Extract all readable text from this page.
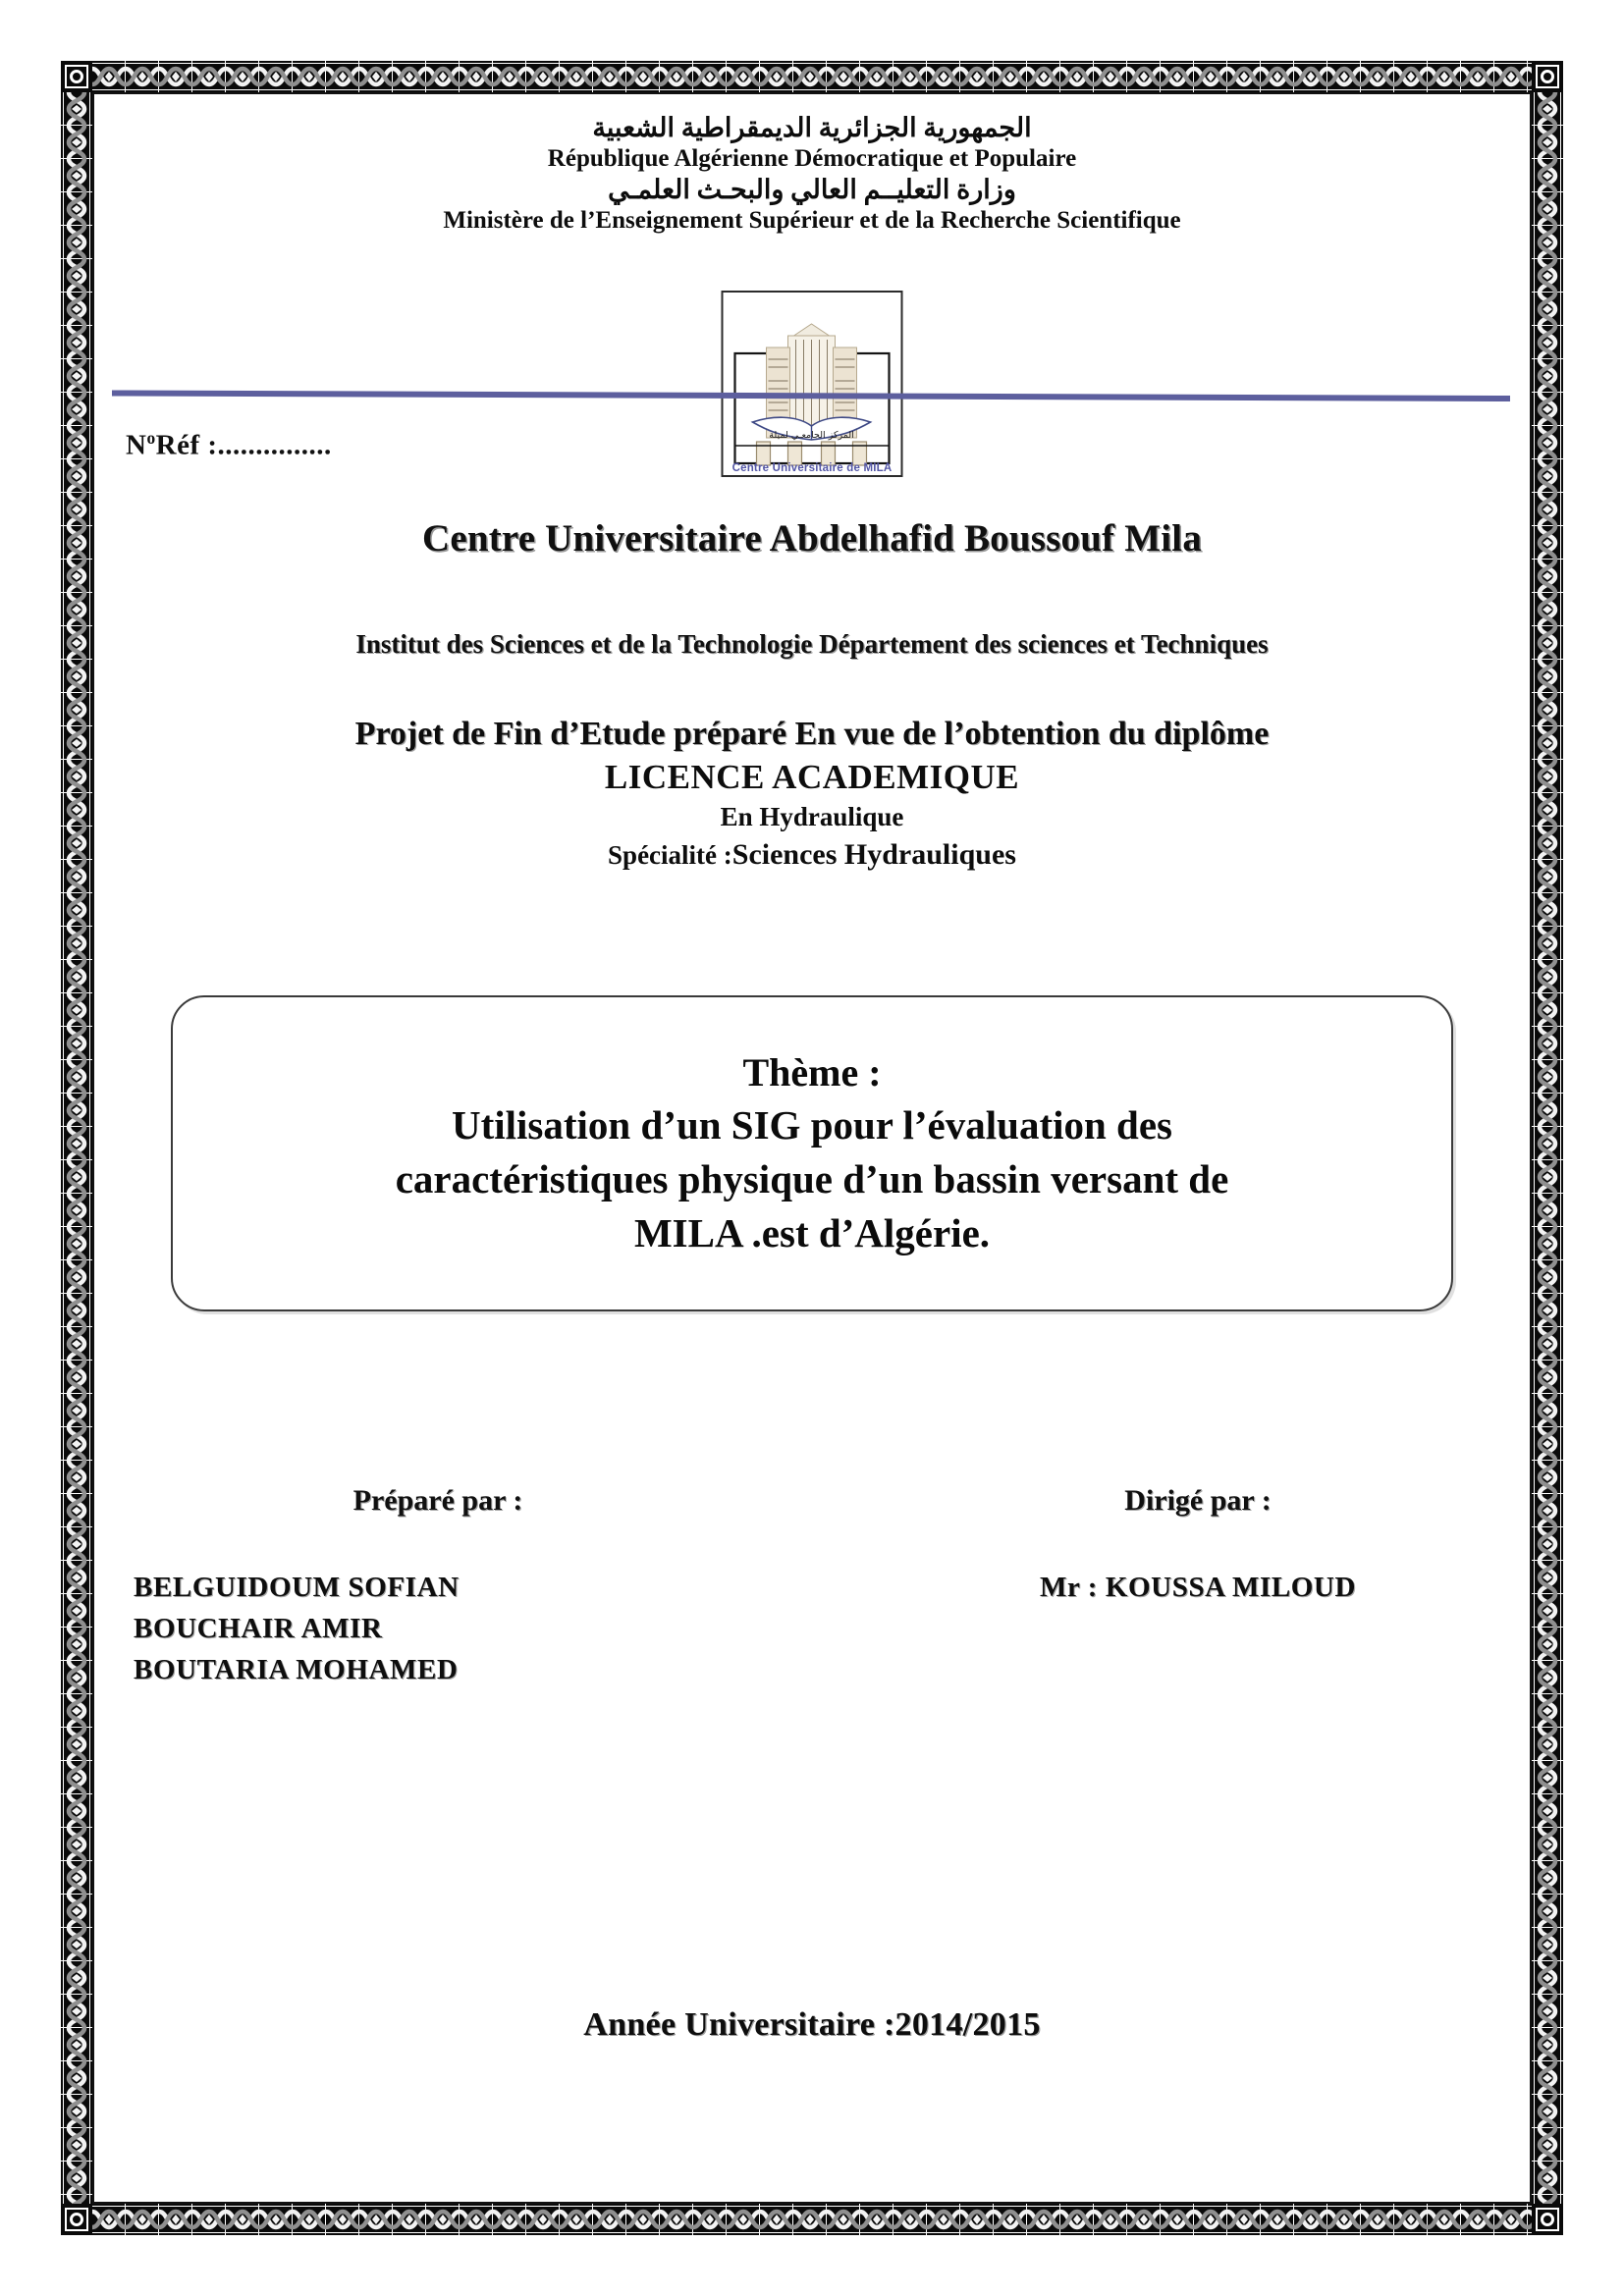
الجمهورية الجزائرية الديمقراطية الشعبية
République Algérienne Démocratique et Populaire
وزارة التعليــم العالي والبحـث العلمـي
Ministère de l’Enseignement Supérieur et de la Recherche Scientifique
المركز الجامعـي لميلة
Centre Universitaire de MILA
$N^oRéf$ :...............
Centre Universitaire Abdelhafid Boussouf Mila
Institut des Sciences et de la Technologie Département des sciences et Techniques
Projet de Fin d’Etude préparé En vue de l’obtention du diplôme
LICENCE ACADEMIQUE
En Hydraulique
Spécialité :Sciences Hydrauliques
Thème :
Utilisation d’un SIG pour l’évaluation des
caractéristiques physique d’un bassin versant de
MILA .est d’Algérie.
Préparé par :
BELGUIDOUM SOFIAN
BOUCHAIR AMIR
BOUTARIA MOHAMED
Dirigé par :
Mr : KOUSSA MILOUD
Année Universitaire :2014/2015
